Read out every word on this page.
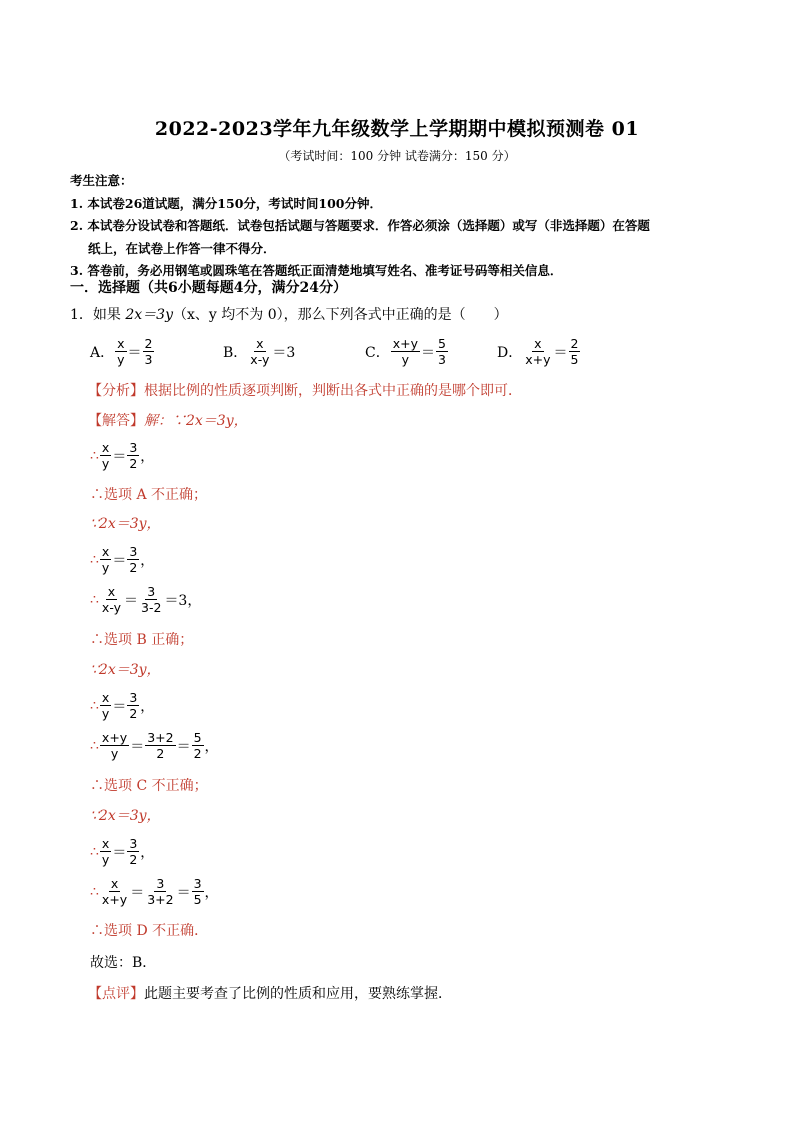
2022-2023学年九年级数学上学期期中模拟预测卷 01
（考试时间：100 分钟 试卷满分：150 分）
考生注意：
1. 本试卷26道试题，满分150分，考试时间100分钟．
2. 本试卷分设试卷和答题纸．试卷包括试题与答题要求．作答必须涂（选择题）或写（非选择题）在答题
纸上，在试卷上作答一律不得分．
3. 答卷前，务必用钢笔或圆珠笔在答题纸正面清楚地填写姓名、准考证号码等相关信息．
一．选择题（共6小题每题4分，满分24分）
1．如果 2x＝3y（x、y 均不为 0），那么下列各式中正确的是（　　）
A． $\frac{x}{y} = \frac{2}{3}$	B． $\frac{x}{x-y} =3$	C． $\frac{x+y}{y} = \frac{5}{3}$	D． $\frac{x}{x+y} = \frac{2}{5}$
【分析】 根据比例的性质逐项判断，判断出各式中正确的是哪个即可．
【解答】 解：∵2x＝3y，
∴ $\frac{x}{y} = \frac{3}{2}$ ，
∴选项 A 不正确；
∵2x＝3y，
∴ $\frac{x}{y} = \frac{3}{2}$ ，
∴ $\frac{x}{x-y} = \frac{3}{3-2} =3$，
∴选项 B 正确；
∵2x＝3y，
∴ $\frac{x}{y} = \frac{3}{2}$ ，
∴ $\frac{x+y}{y} = \frac{3+2}{2} = \frac{5}{2}$ ，
∴选项 C 不正确；
∵2x＝3y，
∴ $\frac{x}{y} = \frac{3}{2}$ ，
∴ $\frac{x}{x+y} = \frac{3}{3+2} = \frac{3}{5}$ ，
∴选项 D 不正确．
故选：B．
【点评】 此题主要考查了比例的性质和应用，要熟练掌握．
